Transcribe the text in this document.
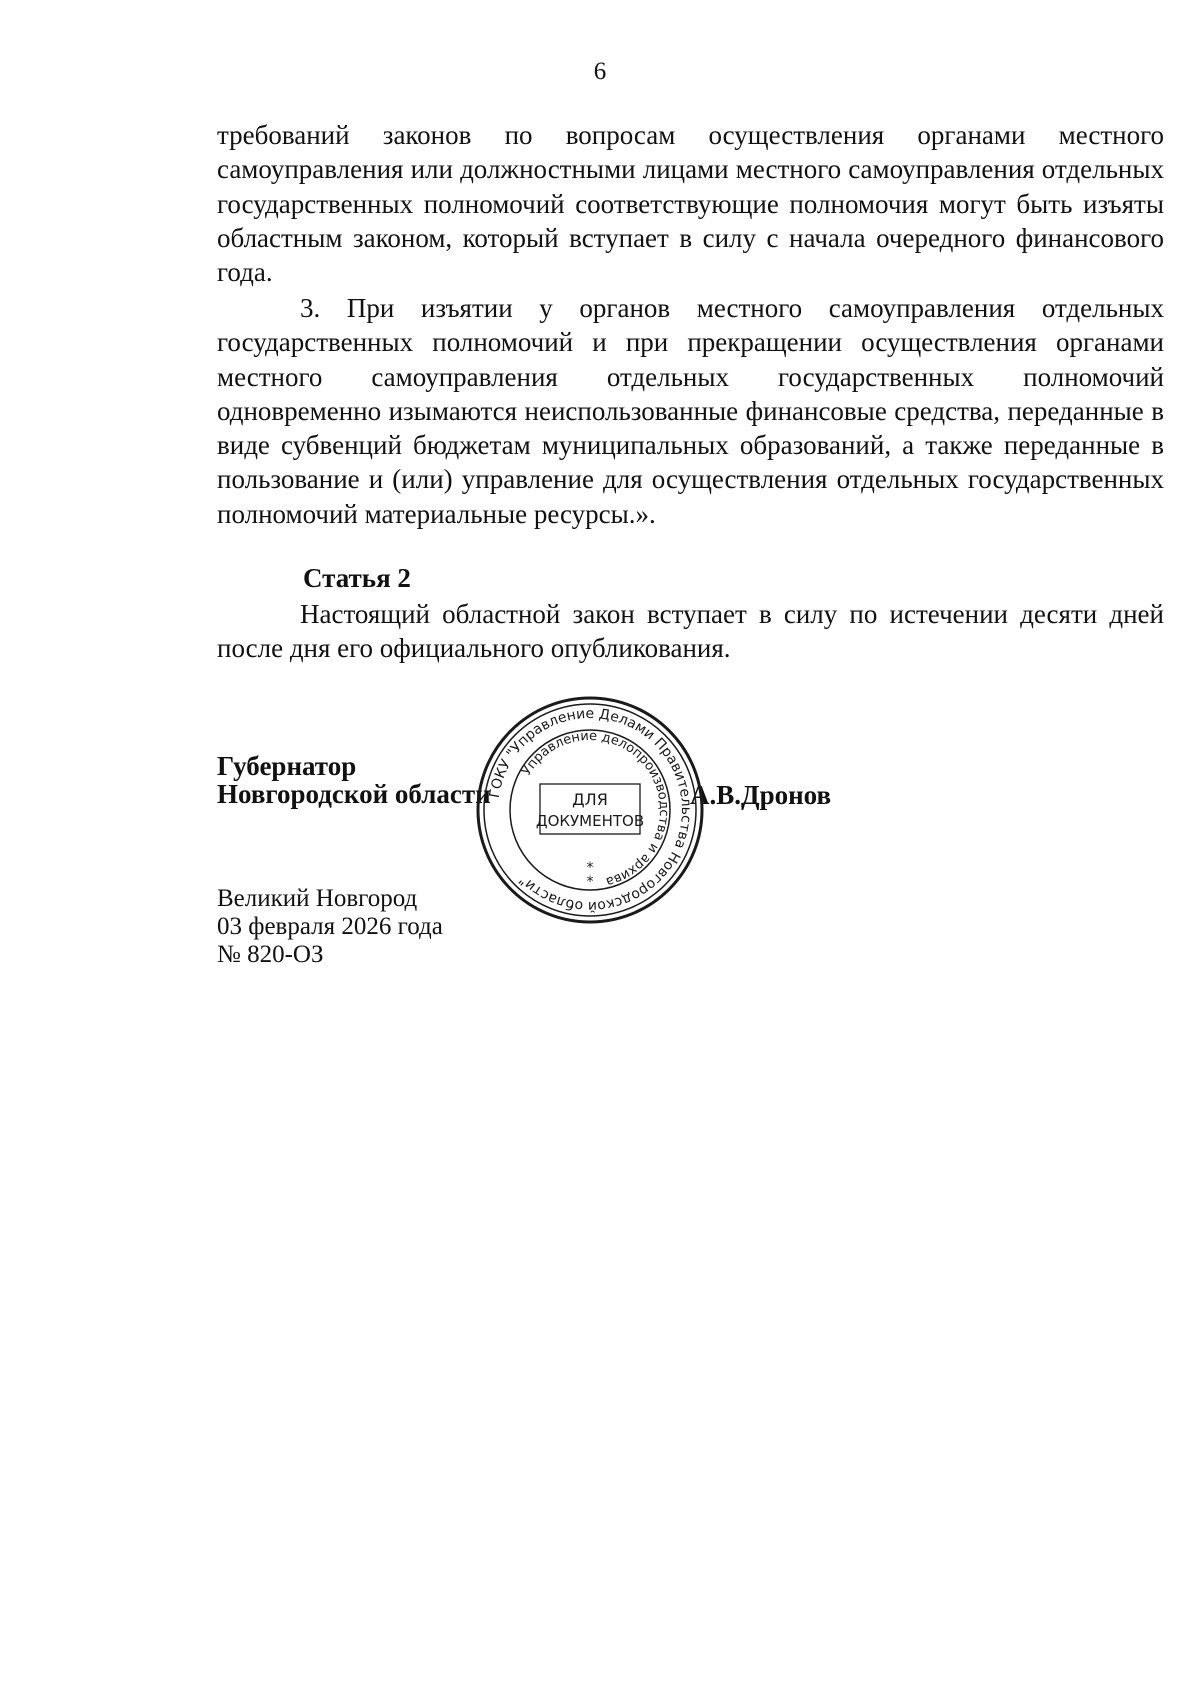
6

требований законов по вопросам осуществления органами местного самоуправления или должностными лицами местного самоуправления отдельных государственных полномочий соответствующие полномочия могут быть изъяты областным законом, который вступает в силу с начала очередного финансового года.

3. При изъятии у органов местного самоуправления отдельных государственных полномочий и при прекращении осуществления органами местного самоуправления отдельных государственных полномочий одновременно изымаются неиспользованные финансовые средства, переданные в виде субвенций бюджетам муниципальных образований, а также переданные в пользование и (или) управление для осуществления отдельных государственных полномочий материальные ресурсы.».

Статья 2

Настоящий областной закон вступает в силу по истечении десяти дней после дня его официального опубликования.

Губернатор
Новгородской области	А.В.Дронов
ГОКУ "Управление Делами Правительства Новгородской области"
Управление делопроизводства и архива
ДЛЯ
ДОКУМЕНТОВ
*
*
Великий Новгород
03 февраля 2026 года
№ 820-ОЗ
